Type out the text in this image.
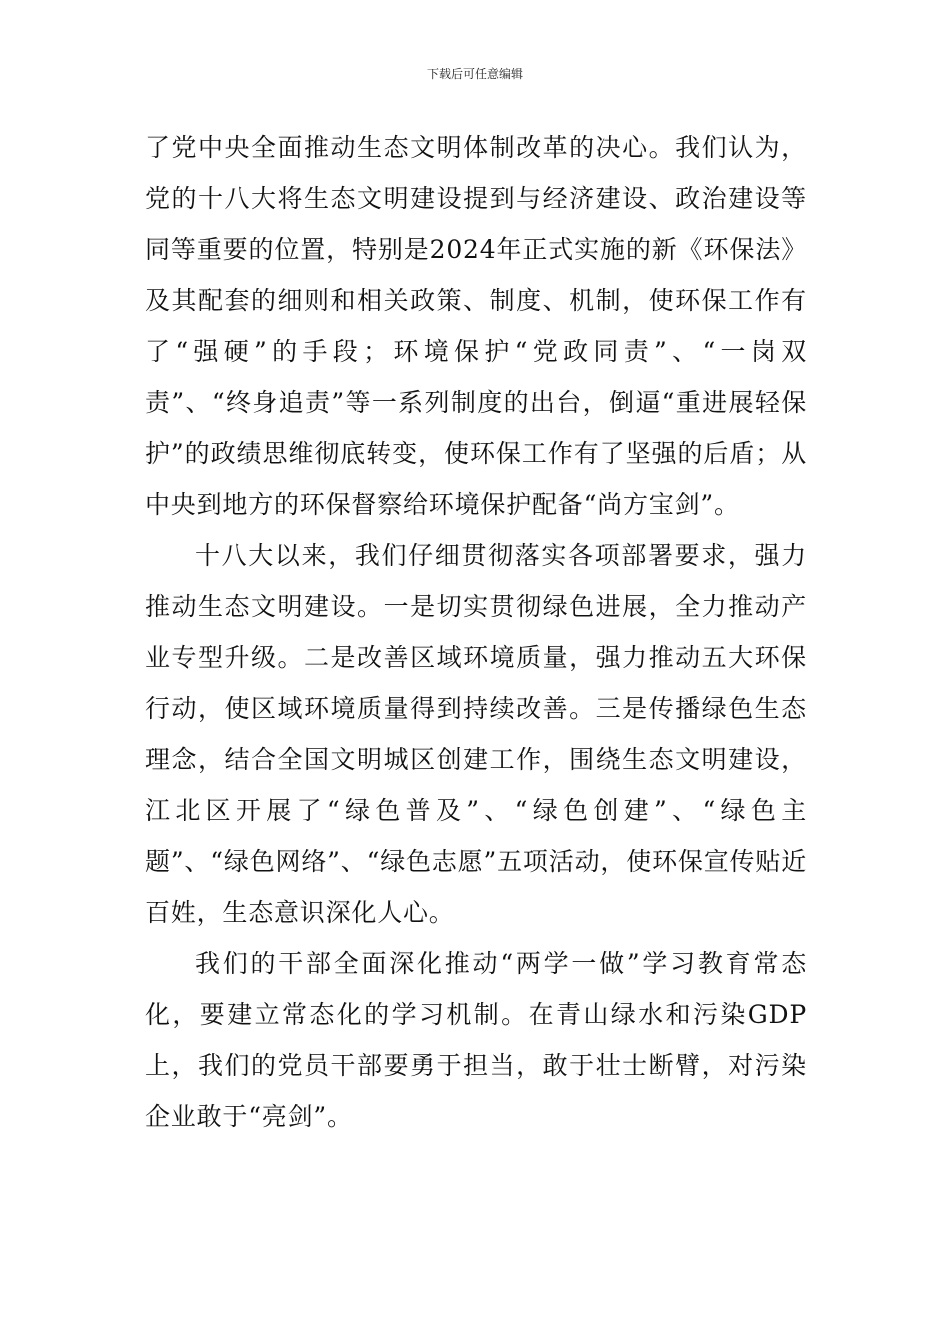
下载后可任意编辑

了党中央全面推动生态文明体制改革的决心。我们认为，党的十八大将生态文明建设提到与经济建设、政治建设等同等重要的位置，特别是2024年正式实施的新《环保法》及其配套的细则和相关政策、制度、机制，使环保工作有了“强硬”的手段；环境保护“党政同责”、“一岗双责”、“终身追责”等一系列制度的出台，倒逼“重进展轻保护”的政绩思维彻底转变，使环保工作有了坚强的后盾；从中央到地方的环保督察给环境保护配备“尚方宝剑”。

十八大以来，我们仔细贯彻落实各项部署要求，强力推动生态文明建设。一是切实贯彻绿色进展，全力推动产业专型升级。二是改善区域环境质量，强力推动五大环保行动，使区域环境质量得到持续改善。三是传播绿色生态理念，结合全国文明城区创建工作，围绕生态文明建设，江北区开展了“绿色普及”、“绿色创建”、“绿色主题”、“绿色网络”、“绿色志愿”五项活动，使环保宣传贴近百姓，生态意识深化人心。

我们的干部全面深化推动“两学一做”学习教育常态化，要建立常态化的学习机制。在青山绿水和污染GDP上，我们的党员干部要勇于担当，敢于壮士断臂，对污染企业敢于“亮剑”。
